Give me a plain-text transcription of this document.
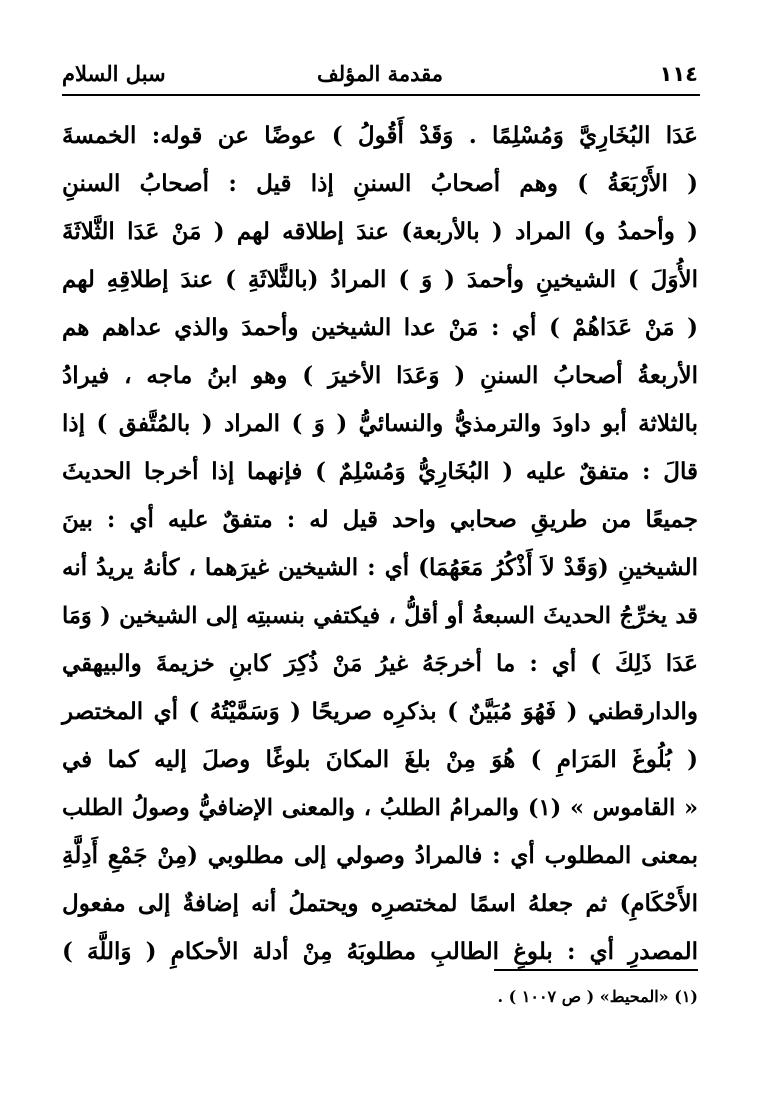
١١٤
مقدمة المؤلف
سبل السلام
عَدَا البُخَارِيَّ وَمُسْلِمًا . وَقَدْ أَقُولُ ) عوضًا عن قوله: الخمسةَ
( الأَرْبَعَةُ ) وهم أصحابُ السننِ إذا قيل : أصحابُ السننِ
( وأحمدُ و) المراد ( بالأربعة) عندَ إطلاقه لهم ( مَنْ عَدَا الثَّلاثَةَ
الأُوَلَ ) الشيخينِ وأحمدَ ( وَ ) المرادُ (بالثَّلاثَةِ ) عندَ إطلاقِهِ لهم
( مَنْ عَدَاهُمْ ) أي : مَنْ عدا الشيخين وأحمدَ والذي عداهم هم
الأربعةُ أصحابُ السننِ ( وَعَدَا الأخيرَ ) وهو ابنُ ماجه ، فيرادُ
بالثلاثة أبو داودَ والترمذيُّ والنسائيُّ ( وَ ) المراد ( بالمُتَّفق ) إذا
قالَ : متفقٌ عليه ( البُخَارِيُّ وَمُسْلِمٌ ) فإنهما إذا أخرجا الحديثَ
جميعًا من طريقِ صحابي واحد قيل له : متفقٌ عليه أي : بينَ
الشيخينِ (وَقَدْ لاَ أَذْكُرُ مَعَهُمَا) أي : الشيخين غيرَهما ، كأنهُ يريدُ أنه
قد يخرِّجُ الحديثَ السبعةُ أو أقلُّ ، فيكتفي بنسبتِه إلى الشيخين ( وَمَا
عَدَا ذَلِكَ ) أي : ما أخرجَهُ غيرُ مَنْ ذُكِرَ كابنِ خزيمةَ والبيهقي
والدارقطني ( فَهُوَ مُبَيَّنٌ ) بذكرِه صريحًا ( وَسَمَّيْتُهُ ) أي المختصر
( بُلُوغَ المَرَامِ ) هُوَ مِنْ بلغَ المكانَ بلوغًا وصلَ إليه كما في
« القاموس » (١) والمرامُ الطلبُ ، والمعنى الإضافيُّ وصولُ الطلب
بمعنى المطلوب أي : فالمرادُ وصولي إلى مطلوبي (مِنْ جَمْعِ أَدِلَّةِ
الأَحْكَامِ) ثم جعلهُ اسمًا لمختصرِه ويحتملُ أنه إضافةٌ إلى مفعول
المصدرِ أي : بلوغِ الطالبِ مطلوبَهُ مِنْ أدلة الأحكامِ ( وَاللَّهَ )
(١) «المحيط» ( ص ١٠٠٧ ) .
